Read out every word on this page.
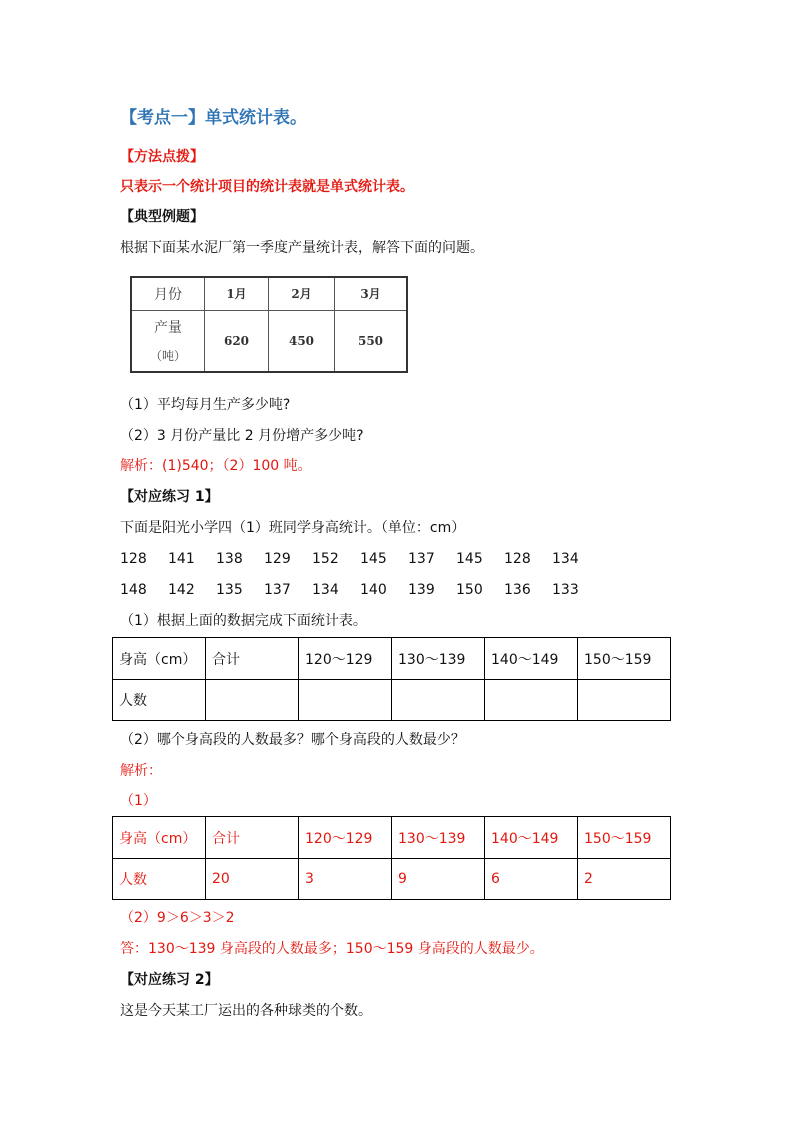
【考点一】单式统计表。
【方法点拨】
只表示一个统计项目的统计表就是单式统计表。
【典型例题】
根据下面某水泥厂第一季度产量统计表，解答下面的问题。
月份	1月	2月	3月

产量
（吨）	620	450	550
（1）平均每月生产多少吨?
（2）3 月份产量比 2 月份增产多少吨?
解析：(1)540；（2）100 吨。
【对应练习 1】
下面是阳光小学四（1）班同学身高统计。（单位：cm）
128 141 138 129 152 145 137 145 128 134
148 142 135 137 134 140 139 150 136 133
（1）根据上面的数据完成下面统计表。
身高（cm）	合计	120～129	130～139	140～149	150～159
人数					
（2）哪个身高段的人数最多？哪个身高段的人数最少？
解析：
（1）
身高（cm）	合计	120～129	130～139	140～149	150～159
人数	20	3	9	6	2
（2）9＞6＞3＞2
答：130～139 身高段的人数最多；150～159 身高段的人数最少。
【对应练习 2】
这是今天某工厂运出的各种球类的个数。
